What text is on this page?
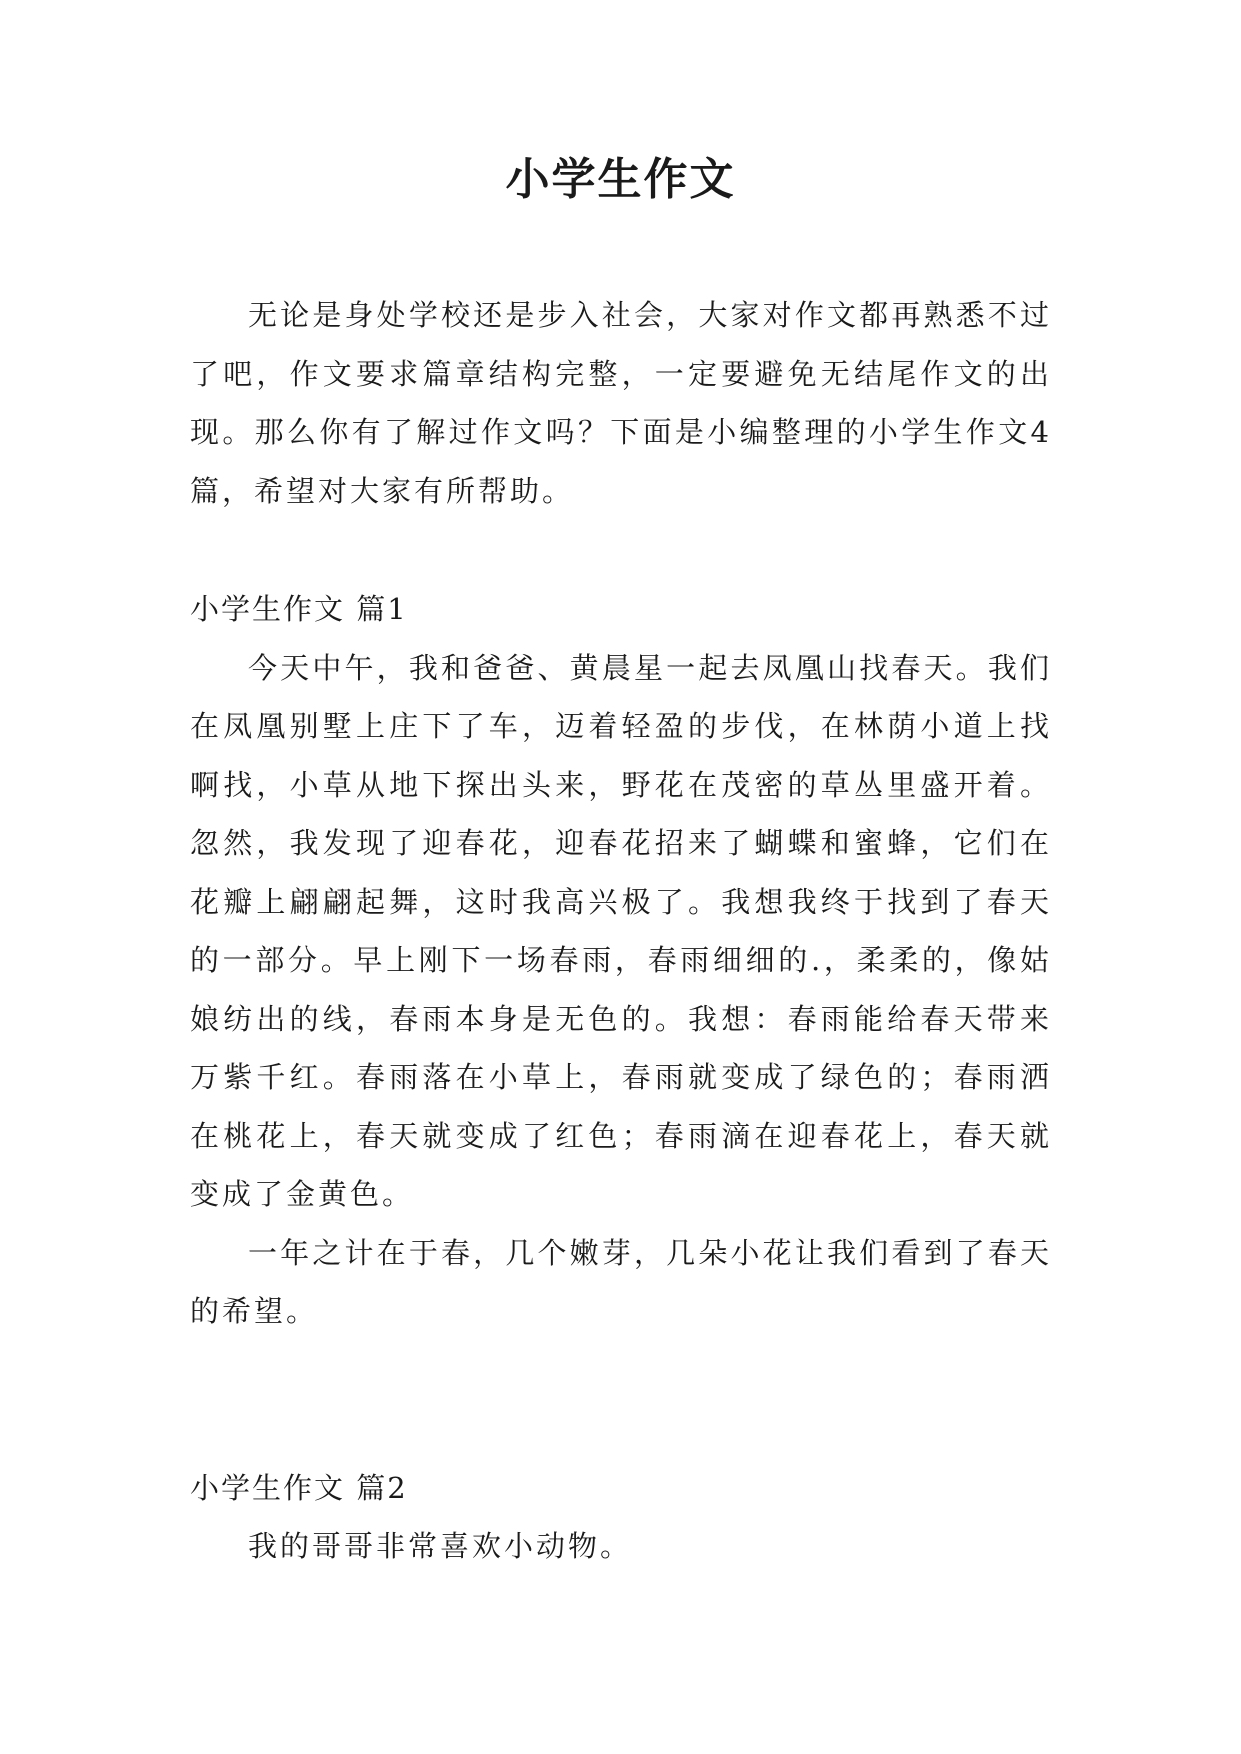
小学生作文

无论是身处学校还是步入社会，大家对作文都再熟悉不过了吧，作文要求篇章结构完整，一定要避免无结尾作文的出现。那么你有了解过作文吗？下面是小编整理的小学生作文4篇，希望对大家有所帮助。

小学生作文 篇1

今天中午，我和爸爸、黄晨星一起去凤凰山找春天。我们在凤凰别墅上庄下了车，迈着轻盈的步伐，在林荫小道上找啊找，小草从地下探出头来，野花在茂密的草丛里盛开着。忽然，我发现了迎春花，迎春花招来了蝴蝶和蜜蜂，它们在花瓣上翩翩起舞，这时我高兴极了。我想我终于找到了春天的一部分。早上刚下一场春雨，春雨细细的.，柔柔的，像姑娘纺出的线，春雨本身是无色的。我想：春雨能给春天带来万紫千红。春雨落在小草上，春雨就变成了绿色的；春雨洒在桃花上，春天就变成了红色；春雨滴在迎春花上，春天就变成了金黄色。

一年之计在于春，几个嫩芽，几朵小花让我们看到了春天的希望。

小学生作文 篇2

我的哥哥非常喜欢小动物。
